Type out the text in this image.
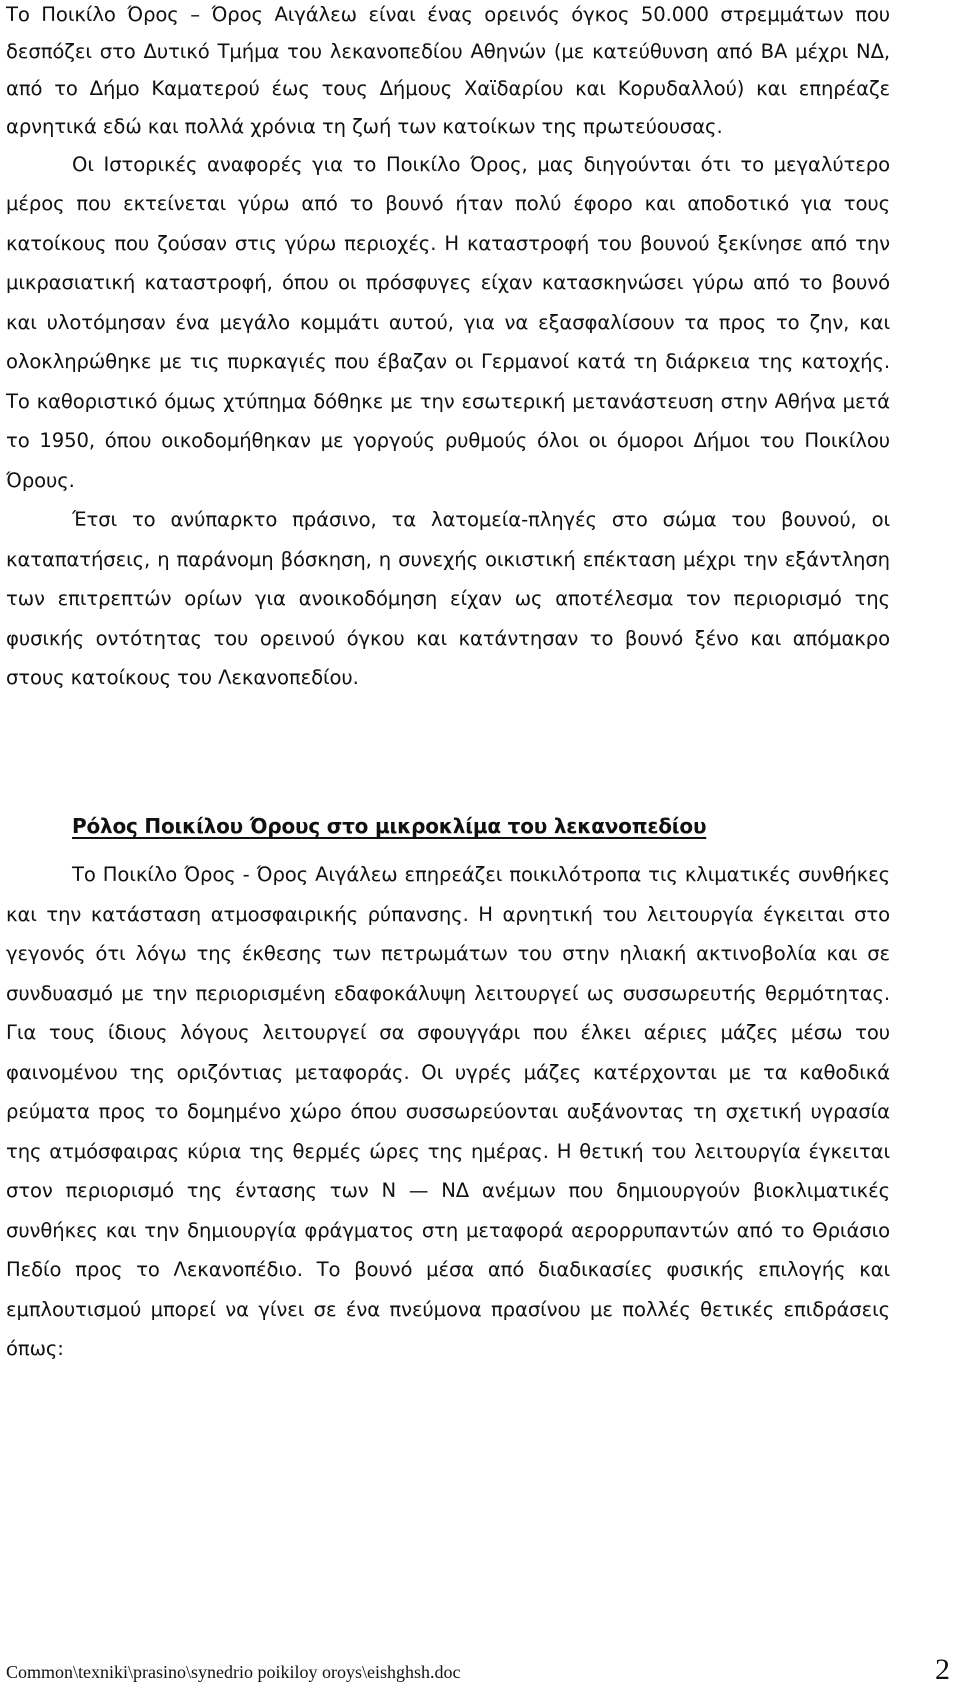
Το Ποικίλο Όρος – Όρος Αιγάλεω είναι ένας ορεινός όγκος 50.000 στρεμμάτων που δεσπόζει στο Δυτικό Τμήμα του λεκανοπεδίου Αθηνών (με κατεύθυνση από ΒΑ μέχρι ΝΔ, από το Δήμο Καματερού έως τους Δήμους Χαϊδαρίου και Κορυδαλλού) και επηρέαζε αρνητικά εδώ και πολλά χρόνια τη ζωή των κατοίκων της πρωτεύουσας.

Οι Ιστορικές αναφορές για το Ποικίλο Όρος, μας διηγούνται ότι το μεγαλύτερο μέρος που εκτείνεται γύρω από το βουνό ήταν πολύ έφορο και αποδοτικό για τους κατοίκους που ζούσαν στις γύρω περιοχές. Η καταστροφή του βουνού ξεκίνησε από την μικρασιατική καταστροφή, όπου οι πρόσφυγες είχαν κατασκηνώσει γύρω από το βουνό και υλοτόμησαν ένα μεγάλο κομμάτι αυτού, για να εξασφαλίσουν τα προς το ζην, και ολοκληρώθηκε με τις πυρκαγιές που έβαζαν οι Γερμανοί κατά τη διάρκεια της κατοχής. Το καθοριστικό όμως χτύπημα δόθηκε με την εσωτερική μετανάστευση στην Αθήνα μετά το 1950, όπου οικοδομήθηκαν με γοργούς ρυθμούς όλοι οι όμοροι Δήμοι του Ποικίλου Όρους.

Έτσι το ανύπαρκτο πράσινο, τα λατομεία-πληγές στο σώμα του βουνού, οι καταπατήσεις, η παράνομη βόσκηση, η συνεχής οικιστική επέκταση μέχρι την εξάντληση των επιτρεπτών ορίων για ανοικοδόμηση είχαν ως αποτέλεσμα τον περιορισμό της φυσικής οντότητας του ορεινού όγκου και κατάντησαν το βουνό ξένο και απόμακρο στους κατοίκους του Λεκανοπεδίου.

Ρόλος Ποικίλου Όρους στο μικροκλίμα του λεκανοπεδίου

Το Ποικίλο Όρος - Όρος Αιγάλεω επηρεάζει ποικιλότροπα τις κλιματικές συνθήκες και την κατάσταση ατμοσφαιρικής ρύπανσης. Η αρνητική του λειτουργία έγκειται στο γεγονός ότι λόγω της έκθεσης των πετρωμάτων του στην ηλιακή ακτινοβολία και σε συνδυασμό με την περιορισμένη εδαφοκάλυψη λειτουργεί ως συσσωρευτής θερμότητας. Για τους ίδιους λόγους λειτουργεί σα σφουγγάρι που έλκει αέριες μάζες μέσω του φαινομένου της οριζόντιας μεταφοράς. Οι υγρές μάζες κατέρχονται με τα καθοδικά ρεύματα προς το δομημένο χώρο όπου συσσωρεύονται αυξάνοντας τη σχετική υγρασία της ατμόσφαιρας κύρια της θερμές ώρες της ημέρας. Η θετική του λειτουργία έγκειται στον περιορισμό της έντασης των Ν — ΝΔ ανέμων που δημιουργούν βιοκλιματικές συνθήκες και την δημιουργία φράγματος στη μεταφορά αερορρυπαντών από το Θριάσιο Πεδίο προς το Λεκανοπέδιο. Το βουνό μέσα από διαδικασίες φυσικής επιλογής και εμπλουτισμού μπορεί να γίνει σε ένα πνεύμονα πρασίνου με πολλές θετικές επιδράσεις όπως:

Common\texniki\prasino\synedrio poikiloy oroys\eishghsh.doc	2
